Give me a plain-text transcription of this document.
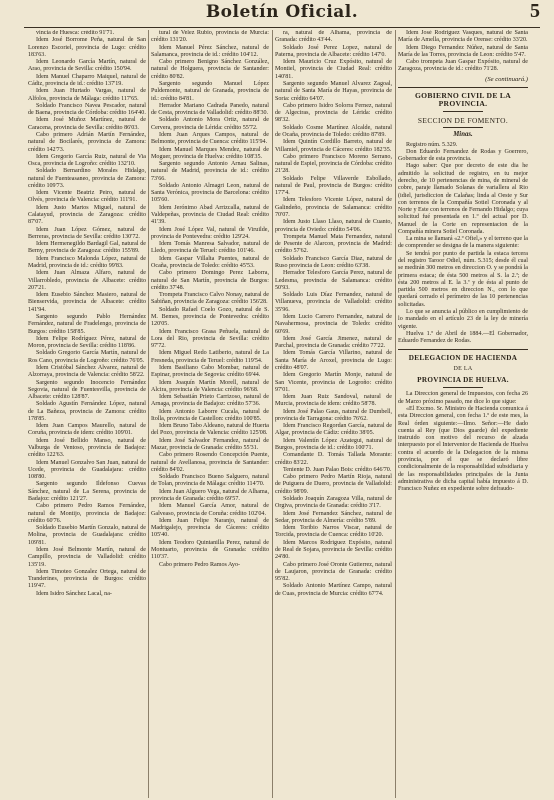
Boletín Oficial.	5

vincia de Huesca: crédito 91'71.

Idem José Borrome Peña, natural de San Lorenzo Escoriel, provincia de Lugo: crédito 183'63.

Idem Leonardo García Martín, natural de Arao, provincia de Sevilla: crédito 150'94.

Idem Manuel Chaparro Maiquel, natural de Cádiz, provincia de id.: crédito 137'19.

Idem Juan Hurtado Vargas, natural de Alfolos, provincia de Málaga: crédito 117'65.

Soldado Francisco Navea Pescador, natural de Baena, provincia de Córdoba: crédito 164'40.

Idem José Muñoz Martínez, natural de Caracena, provincia de Sevilla: crédito 86'03.

Cabo primero Adrián Martín Fernández, natural de Bocilarés, provincia de Zamora: crédito 142'73.

Idem Gregorio García Ruiz, natural de Via Osca, provincia de Logroño: crédito 132'10.

Soldado Bernardino Morales Hidalgo, natural de Fuenteasaneo, provincia de Zamora: crédito 109'73.

Idem Vicente Beatriz Peiro, natural de Olvés, provincia de Valencia: crédito 111'91.

Idem Justo Martos Miguel, natural de Calatayud, provincia de Zaragoza: crédito 87'07.

Idem Juan López Gómez, natural de Berreras, provincia de Sevilla: crédito 130'72.

Idem Hermenegildo Bardagil Gal, natural de Berny, provincia de Zaragoza: crédito 155'89.

Idem Francisco Malonda López, natural de Madrid, provincia de id.: crédito 99'83.

Idem Juan Almaza Alfaro, natural de Villarrobledo, provincia de Albacete: crédito 207'21.

Idem Eusebio Sánchez Masiero, natural de Bienservida, provincia de Albacete: crédito 141'94.

Sargento segundo Pablo Hernández Fernández, natural de Fradelengo, provincia de Burgos: crédito 158'85.

Idem Felipe Rodríguez Pérez, natural de Moron, provincia de Sevilla: crédito 118'86.

Soldado Gregorio García Martín, natural de Ros Cano, provincia de Logroño: crédito 76'05.

Idem Cristóbal Sánchez Alvarez, natural de Alzorraya, provincia de Valencia: crédito 58'22.

Sargento segundo Inocencio Fernández Segovia, natural de Fuentesvilla, provincia de Albacete: crédito 128'87.

Soldado Agustín Fernández López, natural de La Bañeza, provincia de Zamora: crédito 178'85.

Idem Juan Campos Maurello, natural de Coruña, provincia de idem: crédito 109'01.

Idem José Bellido Manso, natural de Valburga de Ventoso, provincia de Badajoz: crédito 122'63.

Idem Manuel Gonzalvo San Juan, natural de Ucede, provincia de Guadalajara: crédito 108'80.

Sargento segundo Ildefonso Cuevas Sánchez, natural de La Serena, provincia de Badajoz: crédito 121'27.

Cabo primero Pedro Ramos Fernández, natural de Montijo, provincia de Badajoz: crédito 60'76.

Soldado Eusebio Martín Gonzalo, natural de Molina, provincia de Guadalajara: crédito 109'81.

Idem José Belmonte Martín, natural de Campillo, provincia de Valladolid: crédito 135'19.

Idem Timoteo Gonzalez Ortega, natural de Tranderines, provincia de Burgos: crédito 119'47.

Idem Isidro Sánchez Lacal, na-

tural de Velez Rubio, provincia de Murcia: crédito 131'20.

Idem Manuel Pérez Sánchez, natural de Salamanca, provincia de id.: crédito 104'12.

Cabo primero Benigno Sánchez González, natural de Holguera, provincia de Santander: crédito 80'82.

Sargento segundo Manuel López Puldemonte, natural de Granada, provincia de id.: crédito 84'81.

Herrador Mariano Cadrada Panedo, natural de Cesta, provincia de Valladolid: crédito 88'30.

Soldado Antonio Mora Ortiz, natural de Cervera, provincia de Lérida: crédito 55'72.

Idem Juan Arques Campos, natural de Belmonte, provincia de Cuenca: crédito 115'94.

Idem Manuel Marques Mendez, natural de Moguer, provincia de Huelva: crédito 108'35.

Sargento segundo Antonio Arnau Salinas, natural de Madrid, provincia de id.: crédito 73'66.

Soldado Antonio Almagri Leon, natural de Santa Verónica, provincia de Barcelona: crédito 105'60.

Idem Jerónimo Abad Arrizcalla, natural de Valdepeñas, provincia de Ciudad Real: crédito 41'39.

Idem José López Val, natural de Viruilde, provincia de Pontevedra: crédito 129'24.

Idem Tomás Manresa Salvador, natural de Lledo, provincia de Teruel: crédito 101'46.

Idem Gaspar Villalta Puentes, natural de Ocaña, provincia de Toledo: crédito 45'53.

Cabo primero Domingo Perez Laborra, natural de San Martín, provincia de Burgos: crédito 37'48.

Trompeta Francisco Calvo Nonay, natural de Sabiñan, provincia de Zaragoza: crédito 156'28.

Soldado Rafael Coelo Gozo, natural de S. M. Bemes, provincia de Pontevedra: crédito 120'05.

Idem Francisco Grasa Peñuela, natural de Lora del Rio, provincia de Sevilla: crédito 97'72.

Idem Miguel Redo Latiberio, natural de La Fresneda, provincia de Teruel: crédito 119'54.

Idem Basiliano Cabo Mombar, natural de Espinar, provincia de Segovia: crédito 69'44.

Idem Joaquín Martín Morell, natural de Alcira, provincia de Valencia: crédito 96'68.

Idem Sebastián Prieto Carrizoso, natural de Arnaga, provincia de Badajoz: crédito 57'36.

Idem Antonio Laborre Cucala, natural de Itolla, provincia de Castellon: crédito 100'85.

Idem Bruno Tabo Aldeano, natural de Huerta del Pozo, provincia de Valencia: crédito 125'08.

Idem José Salvador Fernandez, natural de Mazar, provincia de Granada: crédito 55'31.

Cabo primero Rosendo Concepción Puente, natural de Avellanosa, provincia de Santander: crédito 84'02.

Soldado Francisco Bueno Salguero, natural de Tolan, provincia de Málaga: crédito 114'70.

Idem Juan Alguero Vega, natural de Alhama, provincia de Granada: crédito 69'57.

Idem Manuel García Amor, natural de Galveaso, provincia de Coruña: crédito 102'04.

Idem Juan Felipe Naranjo, natural de Madrigalejo, provincia de Cáceres: crédito 105'40.

Idem Teodoro Quintanilla Perez, natural de Montuarto, provincia de Granada: crédito 110'37.

Cabo primero Pedro Ramos Ayo-

ra, natural de Alhama, provincia de Granada: crédito 43'44.

Soldado José Perez Lopez, natural de Paterna, provincia de Albacete: crédito 147'0.

Idem Mauricio Cruz Expósito, natural de Montiel, provincia de Ciudad Real: crédito 140'81.

Sargento segundo Manuel Alvarez Zagoal, natural de Santa María de Hayas, provincia de Soria: crédito 64'07.

Cabo primero Isidro Solorra Fernez, natural de Algeciras, provincia de Lérida: crédito 98'32.

Soldado Cosme Martínez Alcalde, natural de Ocaña, provincia de Toledo: crédito 87'89.

Idem Quintín Cordillo Barreto, natural de Villamiel, provincia de Cáceres: crédito 182'35.

Cabo primero Francisco Moreno Serrano, natural de Espiel, provincia de Córdoba: crédito 21'28.

Soldado Felipe Villaverde Esbollado, natural de Paul, provincia de Burgos: crédito 177'4.

Idem Telesforo Vicente López, natural de Galindeño, provincia de Salamanca: crédito 70'07.

Idem Justo Llaso Llaso, natural de Cuanto, provincia de Oviedo: crédito 54'06.

Trompeta Manuel Mata Fernandez, natural de Pesente de Alarcon, provincia de Madrid: crédito 57'62.

Soldado Francisco García Diaz, natural de Ruso provincia de Leon: crédito 63'38.

Herrador Telesforo García Perez, natural de Ledesma, provincia de Salamanca: crédito 50'93.

Soldado Luis Díaz Fernandez, natural de Villanueva, provincia de Valladolid: crédito 35'96.

Idem Lucio Carrero Fernandez, natural de Navahermosa, provincia de Toledo: crédito 60'69.

Idem José García Jimenez, natural de Parchal, provincia de Granada: crédito 77'22.

Idem Tomás García Villarino, natural de Santa María de Aroxel, provincia de Lugo: crédito 48'07.

Idem Gregorio Martín Monje, natural de San Vicente, provincia de Logroño: crédito 97'01.

Idem Juan Ruiz Sandoval, natural de Murcia, provincia de idem: crédito 58'78.

Idem José Palao Gaus, natural de Dumbell, provincia de Tarragona: crédito 76'62.

Idem Francisco Regordan García, natural de Algar, provincia de Cádiz: crédito 38'05.

Idem Valentín López Azategui, natural de Burgos, provincia de id.: crédito 100'71.

Comandante D. Tomás Tallada Morante: crédito 83'22.

Teniente D. Juan Palao Bois: crédito 646'70.

Cabo primero Pedro Martín Rioja, natural de Puiguera de Duero, provincia de Valladolid: crédito 98'09.

Soldado Joaquín Zaragoza Villa, natural de Orgiva, provincia de Granada: crédito 3'17.

Idem José Fernandez Sánchez, natural de Sedar, provincia de Almería: crédito 5'89.

Idem Toribio Narros Viscar, natural de Torcida, provincia de Cuenca: crédito 10'20.

Idem Marcos Rodriguez Expósito, natural de Real de Sojara, provincia de Sevilla: crédito 24'80.

Cabo primero José Oronte Gutierrez, natural de Laujaron, provincia de Granada: crédito 95'82.

Soldado Antonio Martínez Campo, natural de Cuas, provincia de Murcia: crédito 67'74.

Idem José Rodriguez Vasques, natural de Santa María de Amella, provincia de Orense: crédito 33'20.

Idem Diego Fernandez Núñez, natural de Santa María de las Torres, provincia de Leon: crédito 5'47.

Cabo trompeta Juan Gaspar Expósito, natural de Zaragoza, provincia de id.: crédito 71'28.

(Se continuará.)

GOBIERNO CIVIL DE LA PROVINCIA.
SECCION DE FOMENTO.
Minas.

Registro núm. 5.329.

Don Eduardo Fernandez de Rodas y Goerrero, Gobernador de esta provincia.

Hago saber: Que por decreto de este dia he admitido la solicitud de registro, en tu mejor derecho, de 10 pertenencias de mina, de mineral de cobre, paraje llamado Solanas de variallera al Rio (idiel, jurisdiccion de Calañas; linda al Oeste y Sur con terrenos de la Compañía Sotiel Coronada y al Norte y Este con terrenos de Fernando Hidalgo; cuya solicitud fué presentada en 1.º del actual por D. Manuel de la Corte en representacion de la Compañía minera Sotiel Coronada.

La mina se llamará «2.º Ofiel,» y el terreno que la de comprender se designa de la manera siguiente:

Se tendrá por punto de partida la estaca tercera del registro Taroor Odiel, núm. 5.315; desde él cual se medirán 300 metros en direccion O. y se pondrá la primera estaca; de ésta 500 metros al S. la 2.ª; de ésta 200 metros al E. la 3.ª y de ésta al punto de partida 500 metros en direccion N., con lo que quedará cerrado el perímetro de las 10 pertenencias solicitadas.

Lo que se anuncia al público en cumplimiento de lo mandado en el artículo 23 de la ley de minería vigente.

Huelva 1.º de Abril de 1884.—El Gobernador, Eduardo Fernandez de Rodas.

DELEGACION DE HACIENDA
DE LA
PROVINCIA DE HUELVA.

La Direccion general de Impuestos, con fecha 26 de Marzo próximo pasado, me dice lo que sigue:

«El Excmo. Sr. Ministro de Hacienda comunica á esta Direccion general, con fecha 1.º de este mes, la Real órden siguiente:—Ilmo. Señor:—He dado cuenta al Rey (que Dios guarde) del expediente instruido con motivo del recurso de alzada interpuesto por el Interventor de Hacienda de Huelva contra el acuerdo de la Delegacion de la misma provincia, por el que se declaró libre condicionalmente de la responsabilidad subsidiaria y de las responsabilidades principales de la Junta administrativa de dicha capital había impuesto á D. Francisco Nuñez en expediente sobre defraudo-
